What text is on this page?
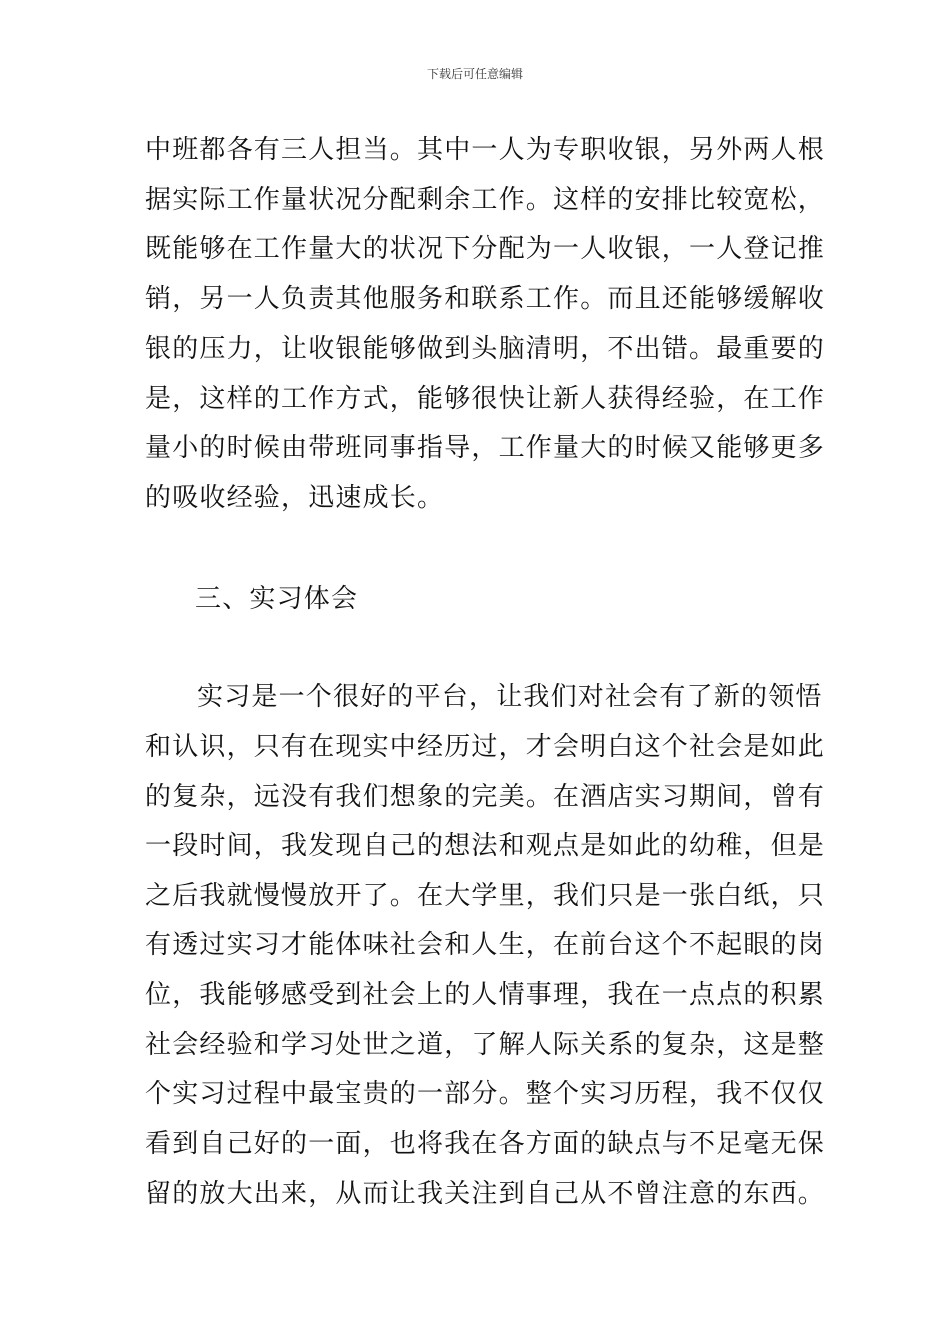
下载后可任意编辑

中班都各有三人担当。其中一人为专职收银，另外两人根

据实际工作量状况分配剩余工作。这样的安排比较宽松，

既能够在工作量大的状况下分配为一人收银，一人登记推

销，另一人负责其他服务和联系工作。而且还能够缓解收

银的压力，让收银能够做到头脑清明，不出错。最重要的

是，这样的工作方式，能够很快让新人获得经验，在工作

量小的时候由带班同事指导，工作量大的时候又能够更多

的吸收经验，迅速成长。

三、实习体会

实习是一个很好的平台，让我们对社会有了新的领悟

和认识，只有在现实中经历过，才会明白这个社会是如此

的复杂，远没有我们想象的完美。在酒店实习期间，曾有

一段时间，我发现自己的想法和观点是如此的幼稚，但是

之后我就慢慢放开了。在大学里，我们只是一张白纸，只

有透过实习才能体味社会和人生，在前台这个不起眼的岗

位，我能够感受到社会上的人情事理，我在一点点的积累

社会经验和学习处世之道，了解人际关系的复杂，这是整

个实习过程中最宝贵的一部分。整个实习历程，我不仅仅

看到自己好的一面，也将我在各方面的缺点与不足毫无保

留的放大出来，从而让我关注到自己从不曾注意的东西。
